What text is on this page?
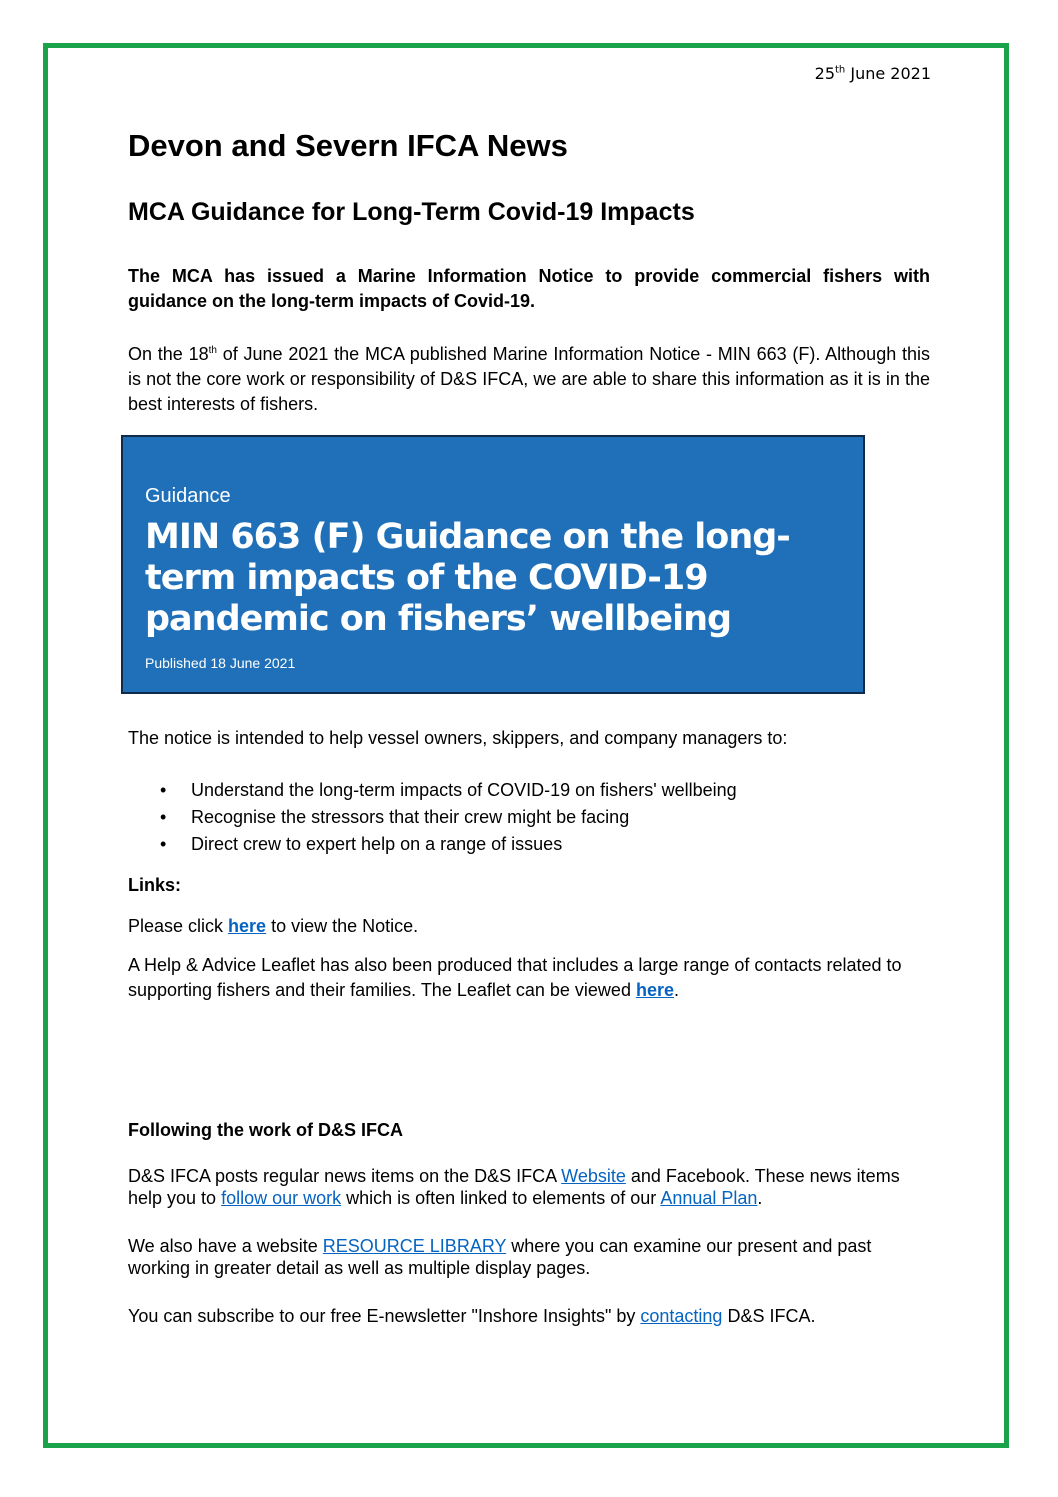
25th June 2021
Devon and Severn IFCA News
MCA Guidance for Long-Term Covid-19 Impacts

The MCA has issued a Marine Information Notice to provide commercial fishers with guidance on the long-term impacts of Covid-19.

On the 18th of June 2021 the MCA published Marine Information Notice - MIN 663 (F). Although this is not the core work or responsibility of D&S IFCA, we are able to share this information as it is in the best interests of fishers.

Guidance
MIN 663 (F) Guidance on the long-term impacts of the COVID-19 pandemic on fishers’ wellbeing
Published 18 June 2021

The notice is intended to help vessel owners, skippers, and company managers to:

• Understand the long-term impacts of COVID-19 on fishers' wellbeing
• Recognise the stressors that their crew might be facing
• Direct crew to expert help on a range of issues

Links:

Please click here to view the Notice.

A Help & Advice Leaflet has also been produced that includes a large range of contacts related to supporting fishers and their families. The Leaflet can be viewed here.

Following the work of D&S IFCA

D&S IFCA posts regular news items on the D&S IFCA Website and Facebook. These news items help you to follow our work which is often linked to elements of our Annual Plan.

We also have a website RESOURCE LIBRARY where you can examine our present and past working in greater detail as well as multiple display pages.

You can subscribe to our free E-newsletter "Inshore Insights" by contacting D&S IFCA.
